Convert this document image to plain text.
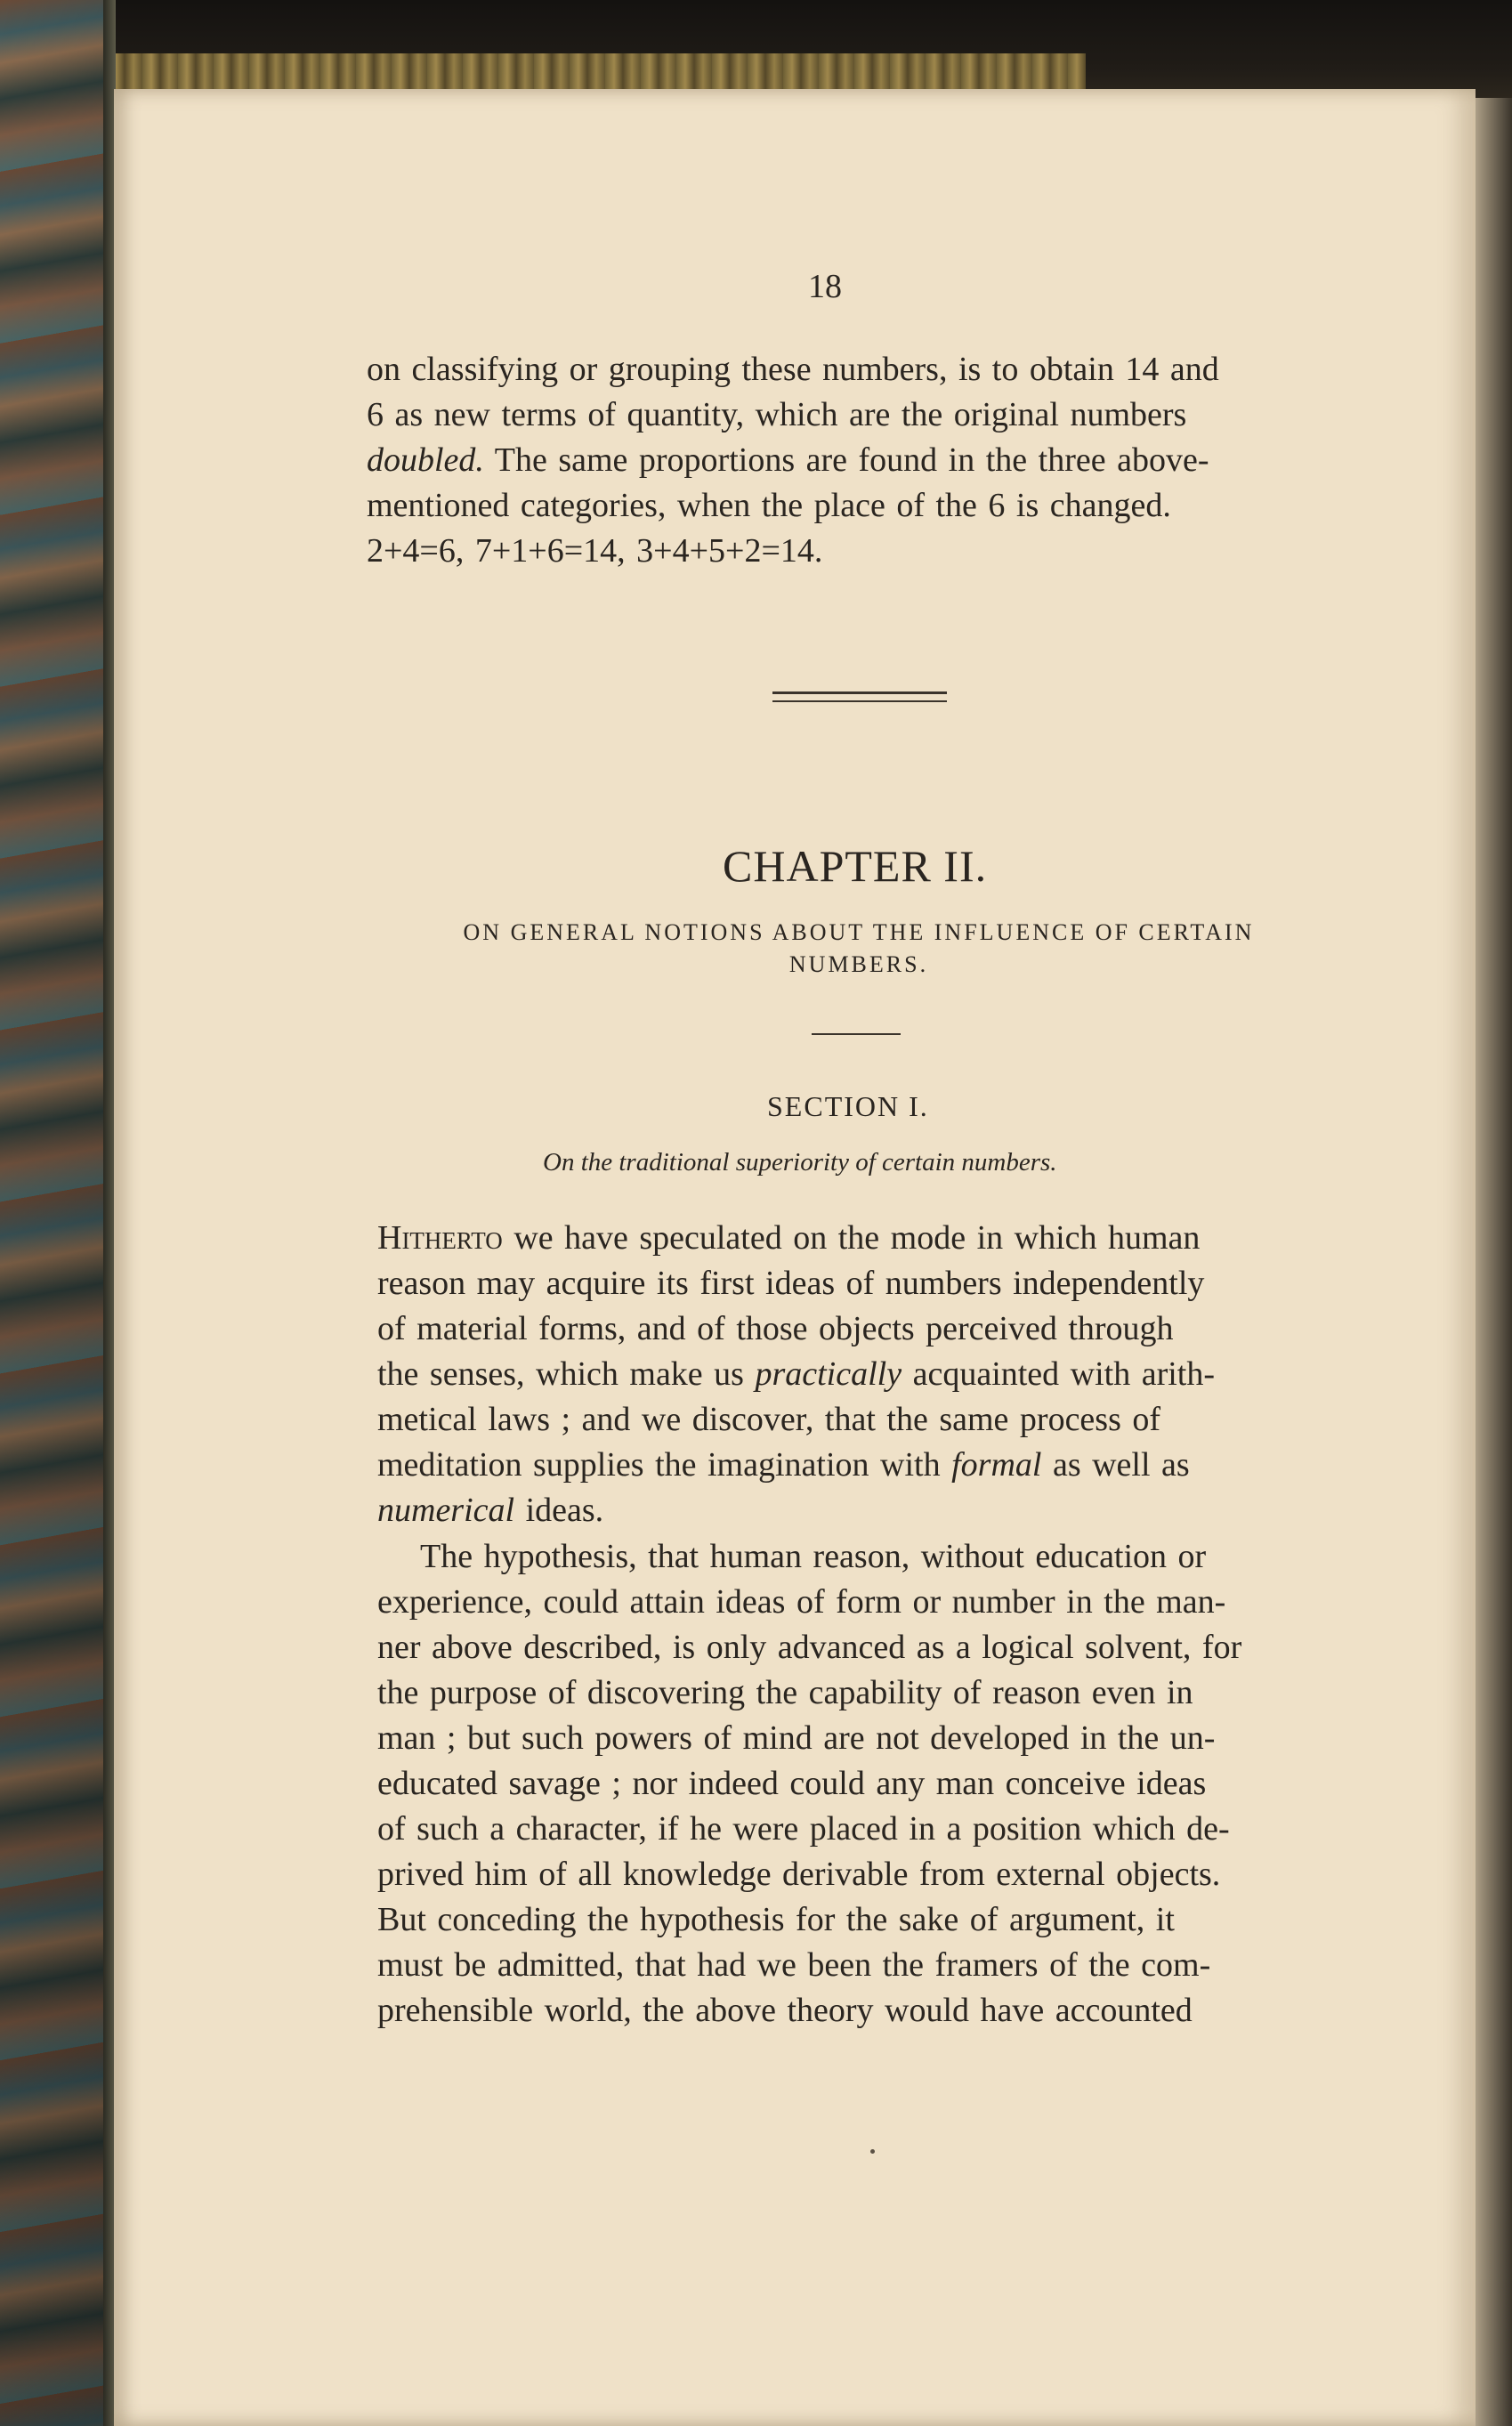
18
on classifying or grouping these numbers, is to obtain 14 and
6 as new terms of quantity, which are the original numbers
doubled. The same proportions are found in the three above-
mentioned categories, when the place of the 6 is changed.
2+4=6, 7+1+6=14, 3+4+5+2=14.
CHAPTER II.
ON GENERAL NOTIONS ABOUT THE INFLUENCE OF CERTAIN
NUMBERS.
SECTION I.
On the traditional superiority of certain numbers.
Hitherto we have speculated on the mode in which human
reason may acquire its first ideas of numbers independently
of material forms, and of those objects perceived through
the senses, which make us practically acquainted with arith-
metical laws ; and we discover, that the same process of
meditation supplies the imagination with formal as well as
numerical ideas.
The hypothesis, that human reason, without education or
experience, could attain ideas of form or number in the man-
ner above described, is only advanced as a logical solvent, for
the purpose of discovering the capability of reason even in
man ; but such powers of mind are not developed in the un-
educated savage ; nor indeed could any man conceive ideas
of such a character, if he were placed in a position which de-
prived him of all knowledge derivable from external objects.
But conceding the hypothesis for the sake of argument, it
must be admitted, that had we been the framers of the com-
prehensible world, the above theory would have accounted
